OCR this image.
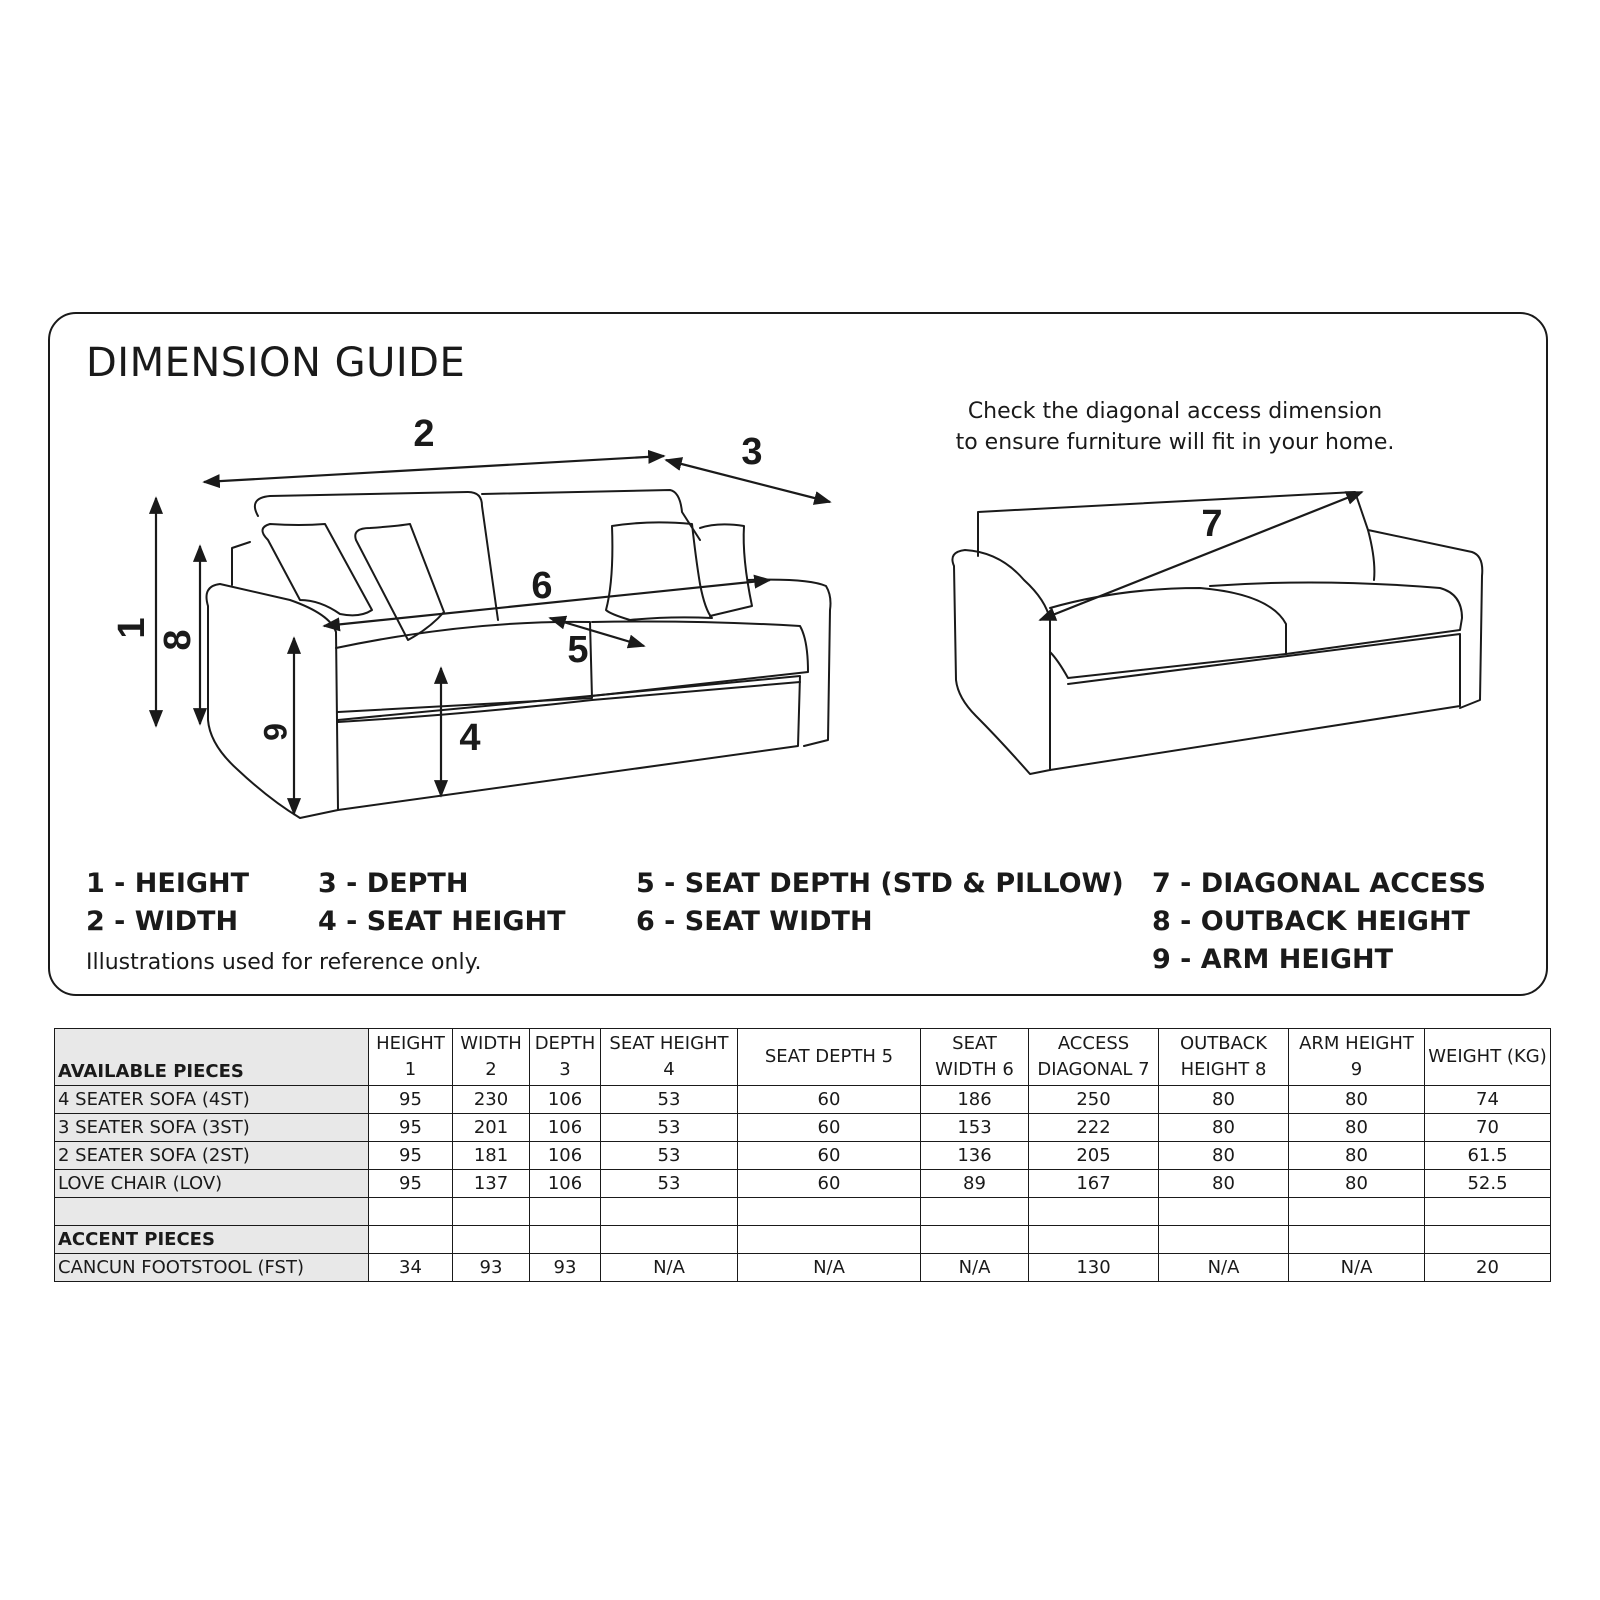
DIMENSION GUIDE
Check the diagonal access dimension
to ensure furniture will fit in your home.
1
2	3
4
5
6
7
8
9
1 - HEIGHT
2 - WIDTH
3 - DEPTH
4 - SEAT HEIGHT
5 - SEAT DEPTH (STD & PILLOW)
6 - SEAT WIDTH
7 - DIAGONAL ACCESS
8 - OUTBACK HEIGHT
9 - ARM HEIGHT
Illustrations used for reference only.
AVAILABLE PIECES	HEIGHT 1	WIDTH 2	DEPTH 3	SEAT HEIGHT 4	SEAT DEPTH 5	SEAT WIDTH 6	ACCESS DIAGONAL 7	OUTBACK HEIGHT 8	ARM HEIGHT 9	WEIGHT (KG)
4 SEATER SOFA (4ST)	95	230	106	53	60	186	250	80	80	74
3 SEATER SOFA (3ST)	95	201	106	53	60	153	222	80	80	70
2 SEATER SOFA (2ST)	95	181	106	53	60	136	205	80	80	61.5
LOVE CHAIR (LOV)	95	137	106	53	60	89	167	80	80	52.5

ACCENT PIECES										
CANCUN FOOTSTOOL (FST)	34	93	93	N/A	N/A	N/A	130	N/A	N/A	20
